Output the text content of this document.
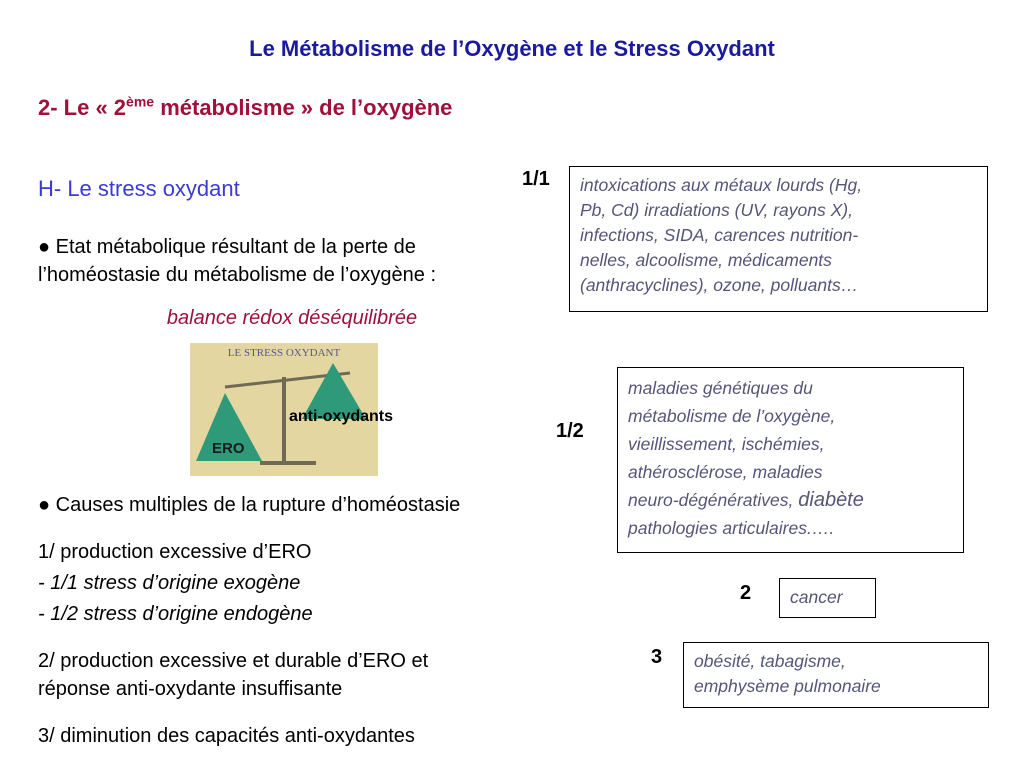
Le Métabolisme de l’Oxygène et le Stress Oxydant
2- Le « 2ème métabolisme » de l’oxygène
H- Le stress oxydant
● Etat métabolique résultant de la perte de
l’homéostasie du métabolisme de l’oxygène :
balance rédox déséquilibrée
LE STRESS OXYDANT
ERO
anti-oxydants
● Causes multiples de la rupture d’homéostasie
1/ production excessive d’ERO
- 1/1 stress d’origine exogène
- 1/2 stress d’origine endogène
2/ production excessive et durable d’ERO et
réponse anti-oxydante insuffisante
3/ diminution des capacités anti-oxydantes
1/1
1/2
2
3
intoxications aux métaux lourds (Hg,
Pb, Cd) irradiations (UV, rayons X),
infections, SIDA, carences nutrition-
nelles, alcoolisme, médicaments
(anthracyclines), ozone, polluants…
maladies génétiques du
métabolisme de l’oxygène,
vieillissement, ischémies,
athérosclérose, maladies
neuro-dégénératives, diabète
pathologies articulaires.….
cancer
obésité, tabagisme,
emphysème pulmonaire
